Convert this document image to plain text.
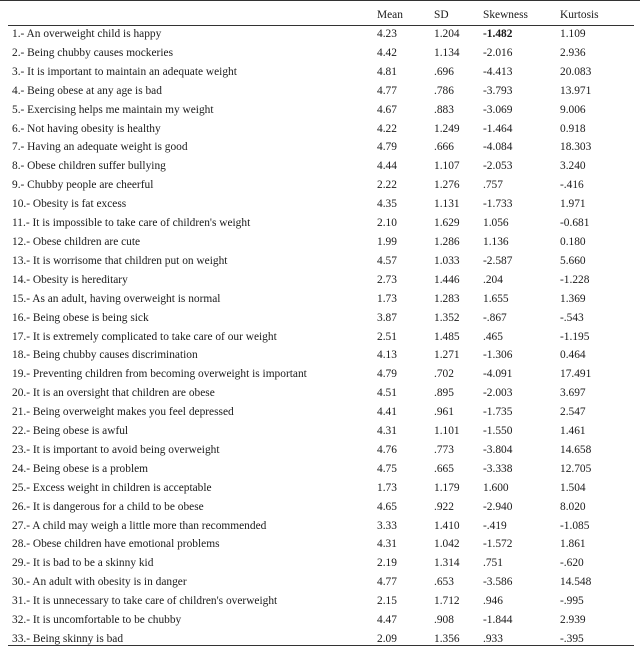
	Mean	SD	Skewness	Kurtosis
1.- An overweight child is happy	4.23	1.204	-1.482	1.109
2.- Being chubby causes mockeries	4.42	1.134	-2.016	2.936
3.- It is important to maintain an adequate weight	4.81	.696	-4.413	20.083
4.- Being obese at any age is bad	4.77	.786	-3.793	13.971
5.- Exercising helps me maintain my weight	4.67	.883	-3.069	9.006
6.- Not having obesity is healthy	4.22	1.249	-1.464	0.918
7.- Having an adequate weight is good	4.79	.666	-4.084	18.303
8.- Obese children suffer bullying	4.44	1.107	-2.053	3.240
9.- Chubby people are cheerful	2.22	1.276	.757	-.416
10.- Obesity is fat excess	4.35	1.131	-1.733	1.971
11.- It is impossible to take care of children's weight	2.10	1.629	1.056	-0.681
12.- Obese children are cute	1.99	1.286	1.136	0.180
13.- It is worrisome that children put on weight	4.57	1.033	-2.587	5.660
14.- Obesity is hereditary	2.73	1.446	.204	-1.228
15.- As an adult, having overweight is normal	1.73	1.283	1.655	1.369
16.- Being obese is being sick	3.87	1.352	-.867	-.543
17.- It is extremely complicated to take care of our weight	2.51	1.485	.465	-1.195
18.- Being chubby causes discrimination	4.13	1.271	-1.306	0.464
19.- Preventing children from becoming overweight is important	4.79	.702	-4.091	17.491
20.- It is an oversight that children are obese	4.51	.895	-2.003	3.697
21.- Being overweight makes you feel depressed	4.41	.961	-1.735	2.547
22.- Being obese is awful	4.31	1.101	-1.550	1.461
23.- It is important to avoid being overweight	4.76	.773	-3.804	14.658
24.- Being obese is a problem	4.75	.665	-3.338	12.705
25.- Excess weight in children is acceptable	1.73	1.179	1.600	1.504
26.- It is dangerous for a child to be obese	4.65	.922	-2.940	8.020
27.- A child may weigh a little more than recommended	3.33	1.410	-.419	-1.085
28.- Obese children have emotional problems	4.31	1.042	-1.572	1.861
29.- It is bad to be a skinny kid	2.19	1.314	.751	-.620
30.- An adult with obesity is in danger	4.77	.653	-3.586	14.548
31.- It is unnecessary to take care of children's overweight	2.15	1.712	.946	-.995
32.- It is uncomfortable to be chubby	4.47	.908	-1.844	2.939
33.- Being skinny is bad	2.09	1.356	.933	-.395
